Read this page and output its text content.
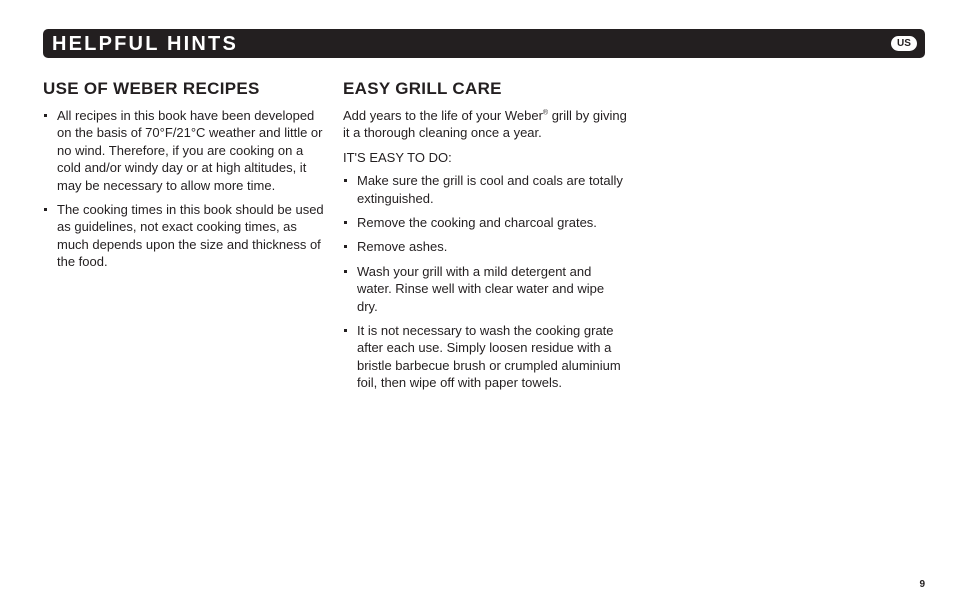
HELPFUL HINTS	US
USE OF WEBER RECIPES
All recipes in this book have been developed on the basis of 70°F/21°C weather and little or no wind. Therefore, if you are cooking on a cold and/or windy day or at high altitudes, it may be necessary to allow more time.
The cooking times in this book should be used as guidelines, not exact cooking times, as much depends upon the size and thickness of the food.
EASY GRILL CARE

Add years to the life of your Weber® grill by giving it a thorough cleaning once a year.

IT'S EASY TO DO:

Make sure the grill is cool and coals are totally extinguished.
Remove the cooking and charcoal grates.
Remove ashes.
Wash your grill with a mild detergent and water. Rinse well with clear water and wipe dry.
It is not necessary to wash the cooking grate after each use. Simply loosen residue with a bristle barbecue brush or crumpled aluminium foil, then wipe off with paper towels.
9
